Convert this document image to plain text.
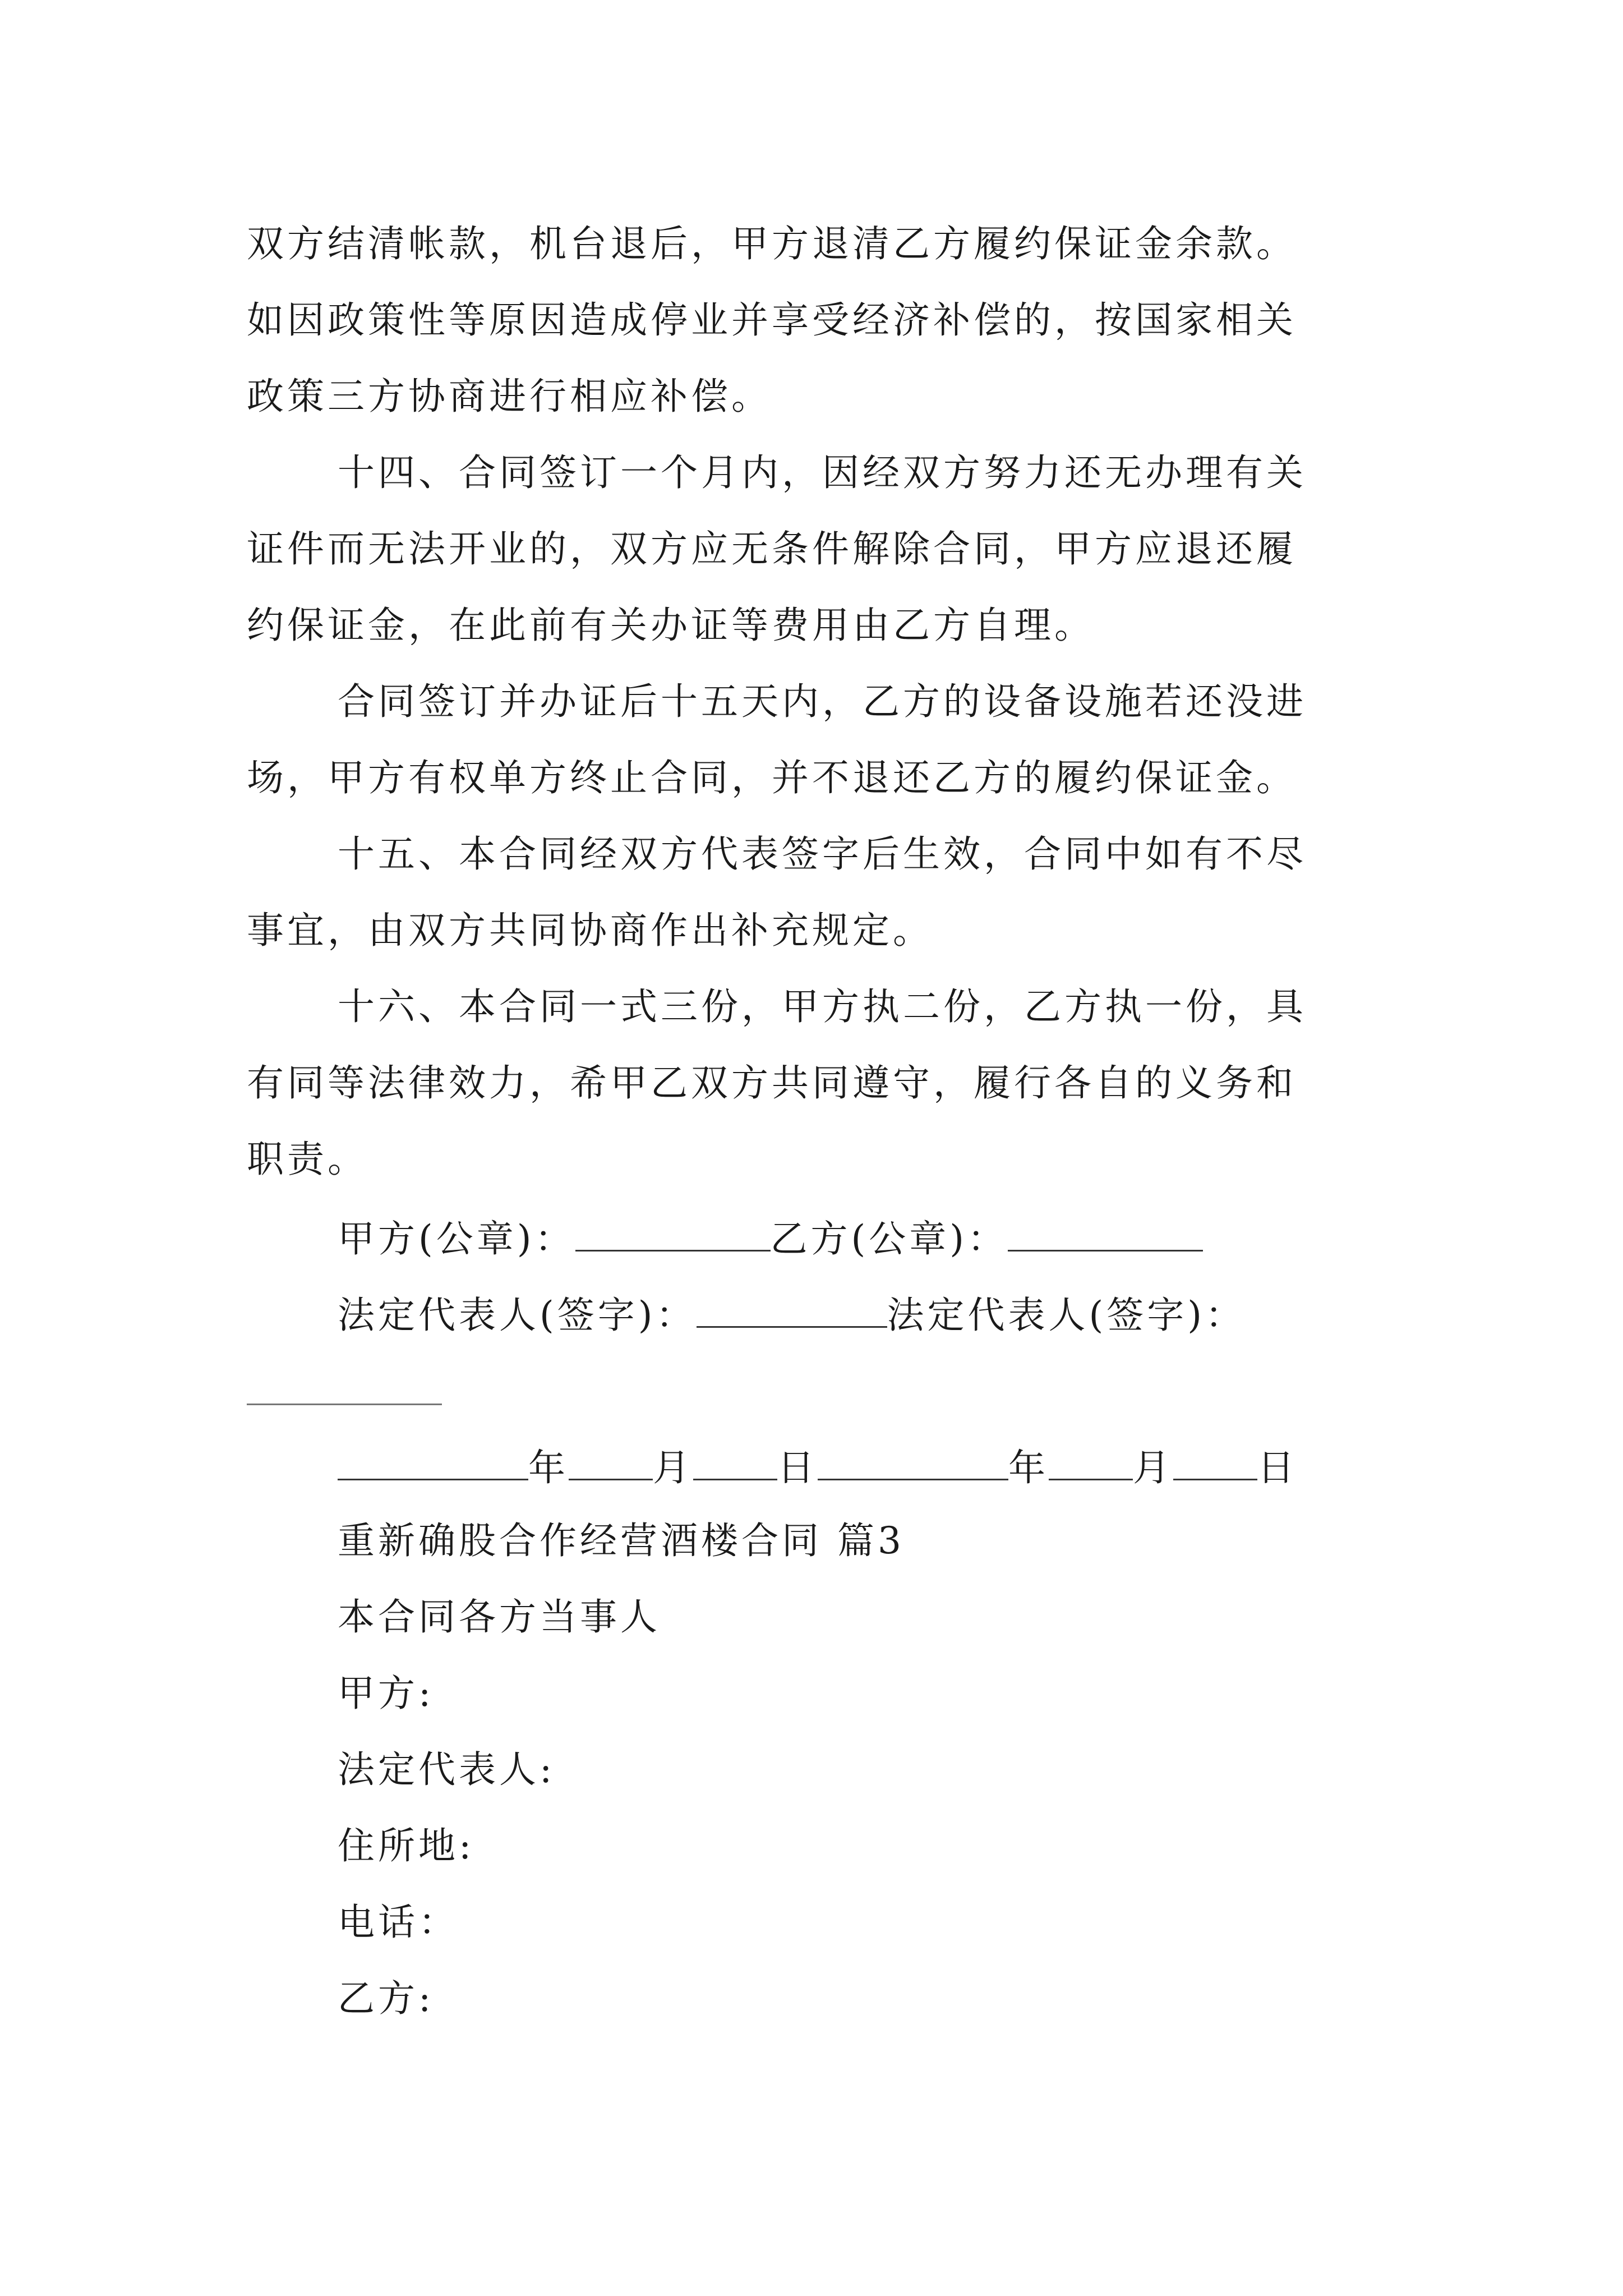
双方结清帐款，机台退后，甲方退清乙方履约保证金余款。
如因政策性等原因造成停业并享受经济补偿的，按国家相关
政策三方协商进行相应补偿。
十四、合同签订一个月内，因经双方努力还无办理有关
证件而无法开业的，双方应无条件解除合同，甲方应退还履
约保证金，在此前有关办证等费用由乙方自理。
合同签订并办证后十五天内，乙方的设备设施若还没进
场，甲方有权单方终止合同，并不退还乙方的履约保证金。
十五、本合同经双方代表签字后生效，合同中如有不尽
事宜，由双方共同协商作出补充规定。
十六、本合同一式三份，甲方执二份，乙方执一份，具
有同等法律效力，希甲乙双方共同遵守，履行各自的义务和
职责。
甲方(公章)：	乙方(公章)：
法定代表人(签字)：	法定代表人(签字)：
年 月 日	年 月 日
重新确股合作经营酒楼合同 篇3
本合同各方当事人
甲方:
法定代表人:
住所地:
电话：
乙方:
